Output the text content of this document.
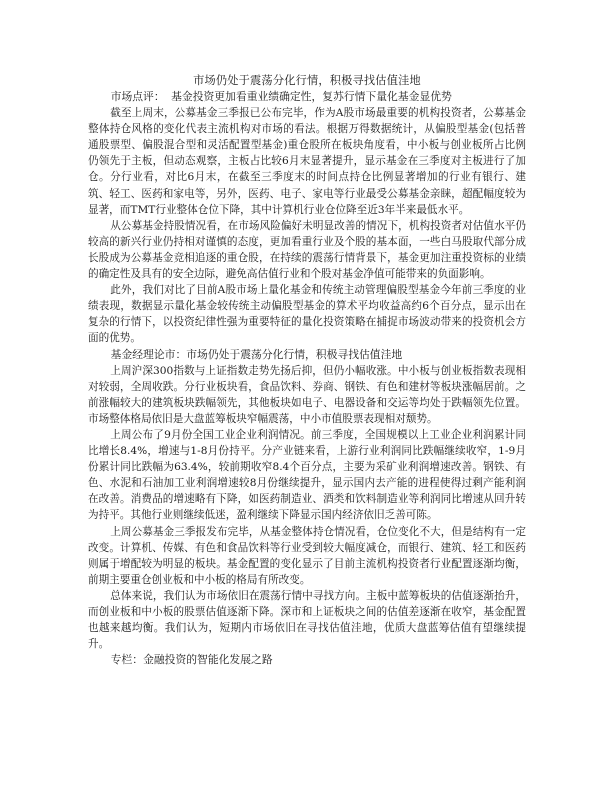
市场仍处于震荡分化行情，积极寻找估值洼地

市场点评： 基金投资更加看重业绩确定性，复苏行情下量化基金显优势

截至上周末，公募基金三季报已公布完毕，作为A股市场最重要的机构投资者，公募基金整体持仓风格的变化代表主流机构对市场的看法。根据万得数据统计，从偏股型基金(包括普通股票型、偏股混合型和灵活配置型基金)重仓股所在板块角度看，中小板与创业板所占比例仍领先于主板，但动态观察，主板占比较6月末显著提升，显示基金在三季度对主板进行了加仓。分行业看，对比6月末，在截至三季度末的时间点持仓比例显著增加的行业有银行、建筑、轻工、医药和家电等，另外，医药、电子、家电等行业最受公募基金亲睐，超配幅度较为显著，而TMT行业整体仓位下降，其中计算机行业仓位降至近3年半来最低水平。

从公募基金持股情况看，在市场风险偏好未明显改善的情况下，机构投资者对估值水平仍较高的新兴行业仍持相对谨慎的态度，更加看重行业及个股的基本面，一些白马股取代部分成长股成为公募基金竞相追逐的重仓股，在持续的震荡行情背景下，基金更加注重投资标的业绩的确定性及具有的安全边际，避免高估值行业和个股对基金净值可能带来的负面影响。

此外，我们对比了目前A股市场上量化基金和传统主动管理偏股型基金今年前三季度的业绩表现，数据显示量化基金较传统主动偏股型基金的算术平均收益高约6个百分点，显示出在复杂的行情下，以投资纪律性强为重要特征的量化投资策略在捕捉市场波动带来的投资机会方面的优势。

基金经理论市：市场仍处于震荡分化行情，积极寻找估值洼地

上周沪深300指数与上证指数走势先扬后抑，但仍小幅收涨。中小板与创业板指数表现相对较弱，全周收跌。分行业板块看，食品饮料、券商、钢铁、有色和建材等板块涨幅居前。之前涨幅较大的建筑板块跌幅领先，其他板块如电子、电器设备和交运等均处于跌幅领先位置。市场整体格局依旧是大盘蓝筹板块窄幅震荡，中小市值股票表现相对颓势。

上周公布了9月份全国工业企业利润情况。前三季度，全国规模以上工业企业利润累计同比增长8.4%，增速与1-8月份持平。分产业链来看，上游行业利润同比跌幅继续收窄，1-9月份累计同比跌幅为63.4%，较前期收窄8.4个百分点，主要为采矿业利润增速改善。钢铁、有色、水泥和石油加工业利润增速较8月份继续提升，显示国内去产能的进程使得过剩产能利润在改善。消费品的增速略有下降，如医药制造业、酒类和饮料制造业等利润同比增速从回升转为持平。其他行业则继续低迷，盈利继续下降显示国内经济依旧乏善可陈。

上周公募基金三季报发布完毕，从基金整体持仓情况看，仓位变化不大，但是结构有一定改变。计算机、传媒、有色和食品饮料等行业受到较大幅度减仓，而银行、建筑、轻工和医药则属于增配较为明显的板块。基金配置的变化显示了目前主流机构投资者行业配置逐渐均衡，前期主要重仓创业板和中小板的格局有所改变。

总体来说，我们认为市场依旧在震荡行情中寻找方向。主板中蓝筹板块的估值逐渐抬升，而创业板和中小板的股票估值逐渐下降。深市和上证板块之间的估值差逐渐在收窄，基金配置也越来越均衡。我们认为，短期内市场依旧在寻找估值洼地，优质大盘蓝筹估值有望继续提升。

专栏：金融投资的智能化发展之路
